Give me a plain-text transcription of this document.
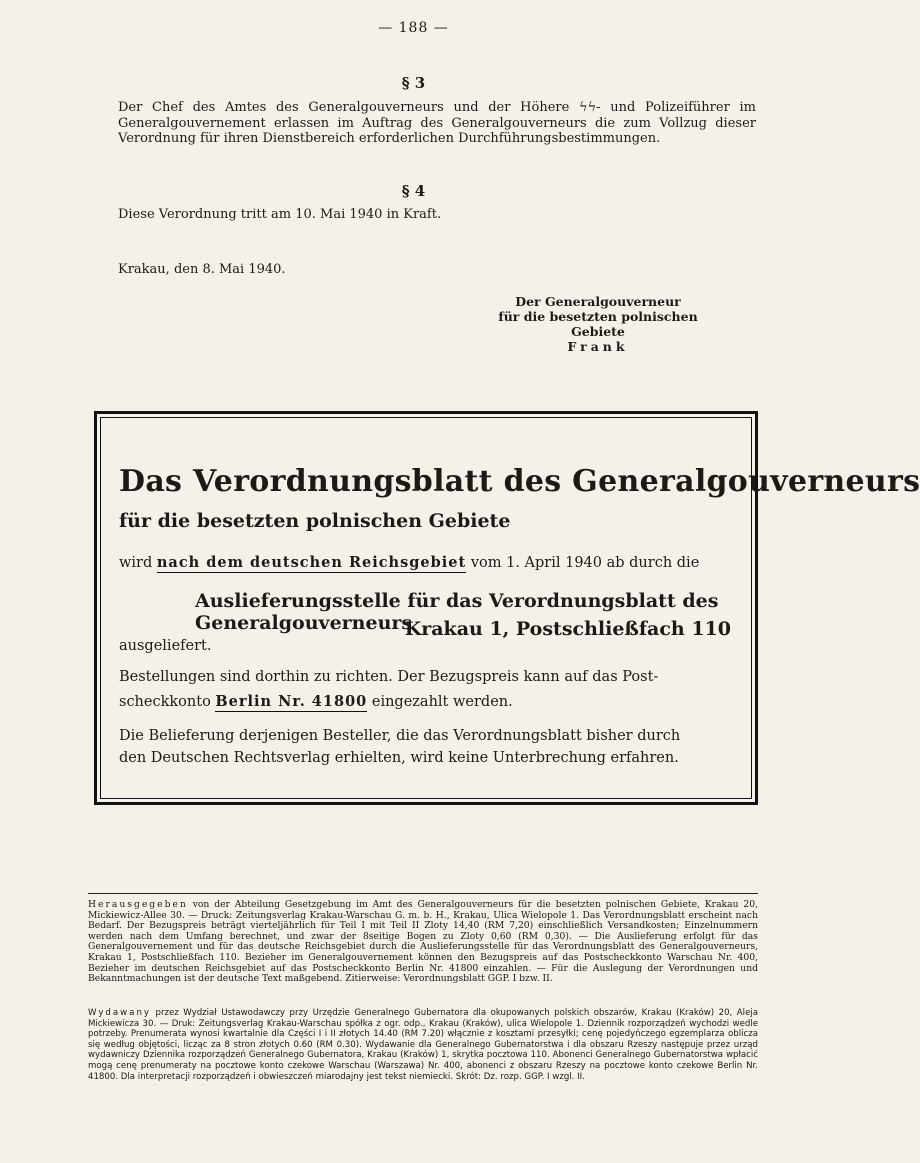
— 188 —
§ 3
Der Chef des Amtes des Generalgouverneurs und der Höhere ϟϟ- und Polizeiführer im Generalgouvernement erlassen im Auftrag des Generalgouverneurs die zum Vollzug dieser Verordnung für ihren Dienstbereich erforderlichen Durchführungsbestimmungen.
§ 4
Diese Verordnung tritt am 10. Mai 1940 in Kraft.
Krakau, den 8. Mai 1940.
Der Generalgouverneur
für die besetzten polnischen Gebiete
Frank
Das Verordnungsblatt des Generalgouverneurs
für die besetzten polnischen Gebiete
wird nach dem deutschen Reichsgebiet vom 1. April 1940 ab durch die
Auslieferungsstelle für das Verordnungsblatt des Generalgouverneurs
Krakau 1, Postschließfach 110
ausgeliefert.
Bestellungen sind dorthin zu richten. Der Bezugspreis kann auf das Post-
scheckkonto Berlin Nr. 41800 eingezahlt werden.
Die Belieferung derjenigen Besteller, die das Verordnungsblatt bisher durch
den Deutschen Rechtsverlag erhielten, wird keine Unterbrechung erfahren.
Herausgegeben von der Abteilung Gesetzgebung im Amt des Generalgouverneurs für die besetzten polnischen Gebiete, Krakau 20, Mickiewicz-Allee 30. — Druck: Zeitungsverlag Krakau-Warschau G. m. b. H., Krakau, Ulica Wielopole 1. Das Verordnungsblatt erscheint nach Bedarf. Der Bezugspreis beträgt vierteljährlich für Teil I mit Teil II Zloty 14,40 (RM 7,20) einschließlich Versandkosten; Einzelnummern werden nach dem Umfang berechnet, und zwar der 8seitige Bogen zu Zloty 0,60 (RM 0,30). — Die Auslieferung erfolgt für das Generalgouvernement und für das deutsche Reichsgebiet durch die Auslieferungsstelle für das Verordnungsblatt des Generalgouverneurs, Krakau 1, Postschließfach 110. Bezieher im Generalgouvernement können den Bezugspreis auf das Postscheckkonto Warschau Nr. 400, Bezieher im deutschen Reichsgebiet auf das Postscheckkonto Berlin Nr. 41800 einzahlen. — Für die Auslegung der Verordnungen und Bekanntmachungen ist der deutsche Text maßgebend. Zitierweise: Verordnungsblatt GGP. I bzw. II.
Wydawany przez Wydział Ustawodawczy przy Urzędzie Generalnego Gubernatora dla okupowanych polskich obszarów, Krakau (Kraków) 20, Aleja Mickiewicza 30. — Druk: Zeitungsverlag Krakau-Warschau spółka z ogr. odp., Krakau (Kraków), ulica Wielopole 1. Dziennik rozporządzeń wychodzi wedle potrzeby. Prenumerata wynosi kwartalnie dla Części I i II złotych 14.40 (RM 7.20) włącznie z kosztami przesyłki; cenę pojedyńczego egzemplarza oblicza się według objętości, licząc za 8 stron złotych 0.60 (RM 0.30). Wydawanie dla Generalnego Gubernatorstwa i dla obszaru Rzeszy następuje przez urząd wydawniczy Dziennika rozporządzeń Generalnego Gubernatora, Krakau (Kraków) 1, skrytka pocztowa 110. Abonenci Generalnego Gubernatorstwa wpłacić mogą cenę prenumeraty na pocztowe konto czekowe Warschau (Warszawa) Nr. 400, abonenci z obszaru Rzeszy na pocztowe konto czekowe Berlin Nr. 41800. Dla interpretacji rozporządzeń i obwieszczeń miarodajny jest tekst niemiecki. Skrót: Dz. rozp. GGP. I wzgl. II.
